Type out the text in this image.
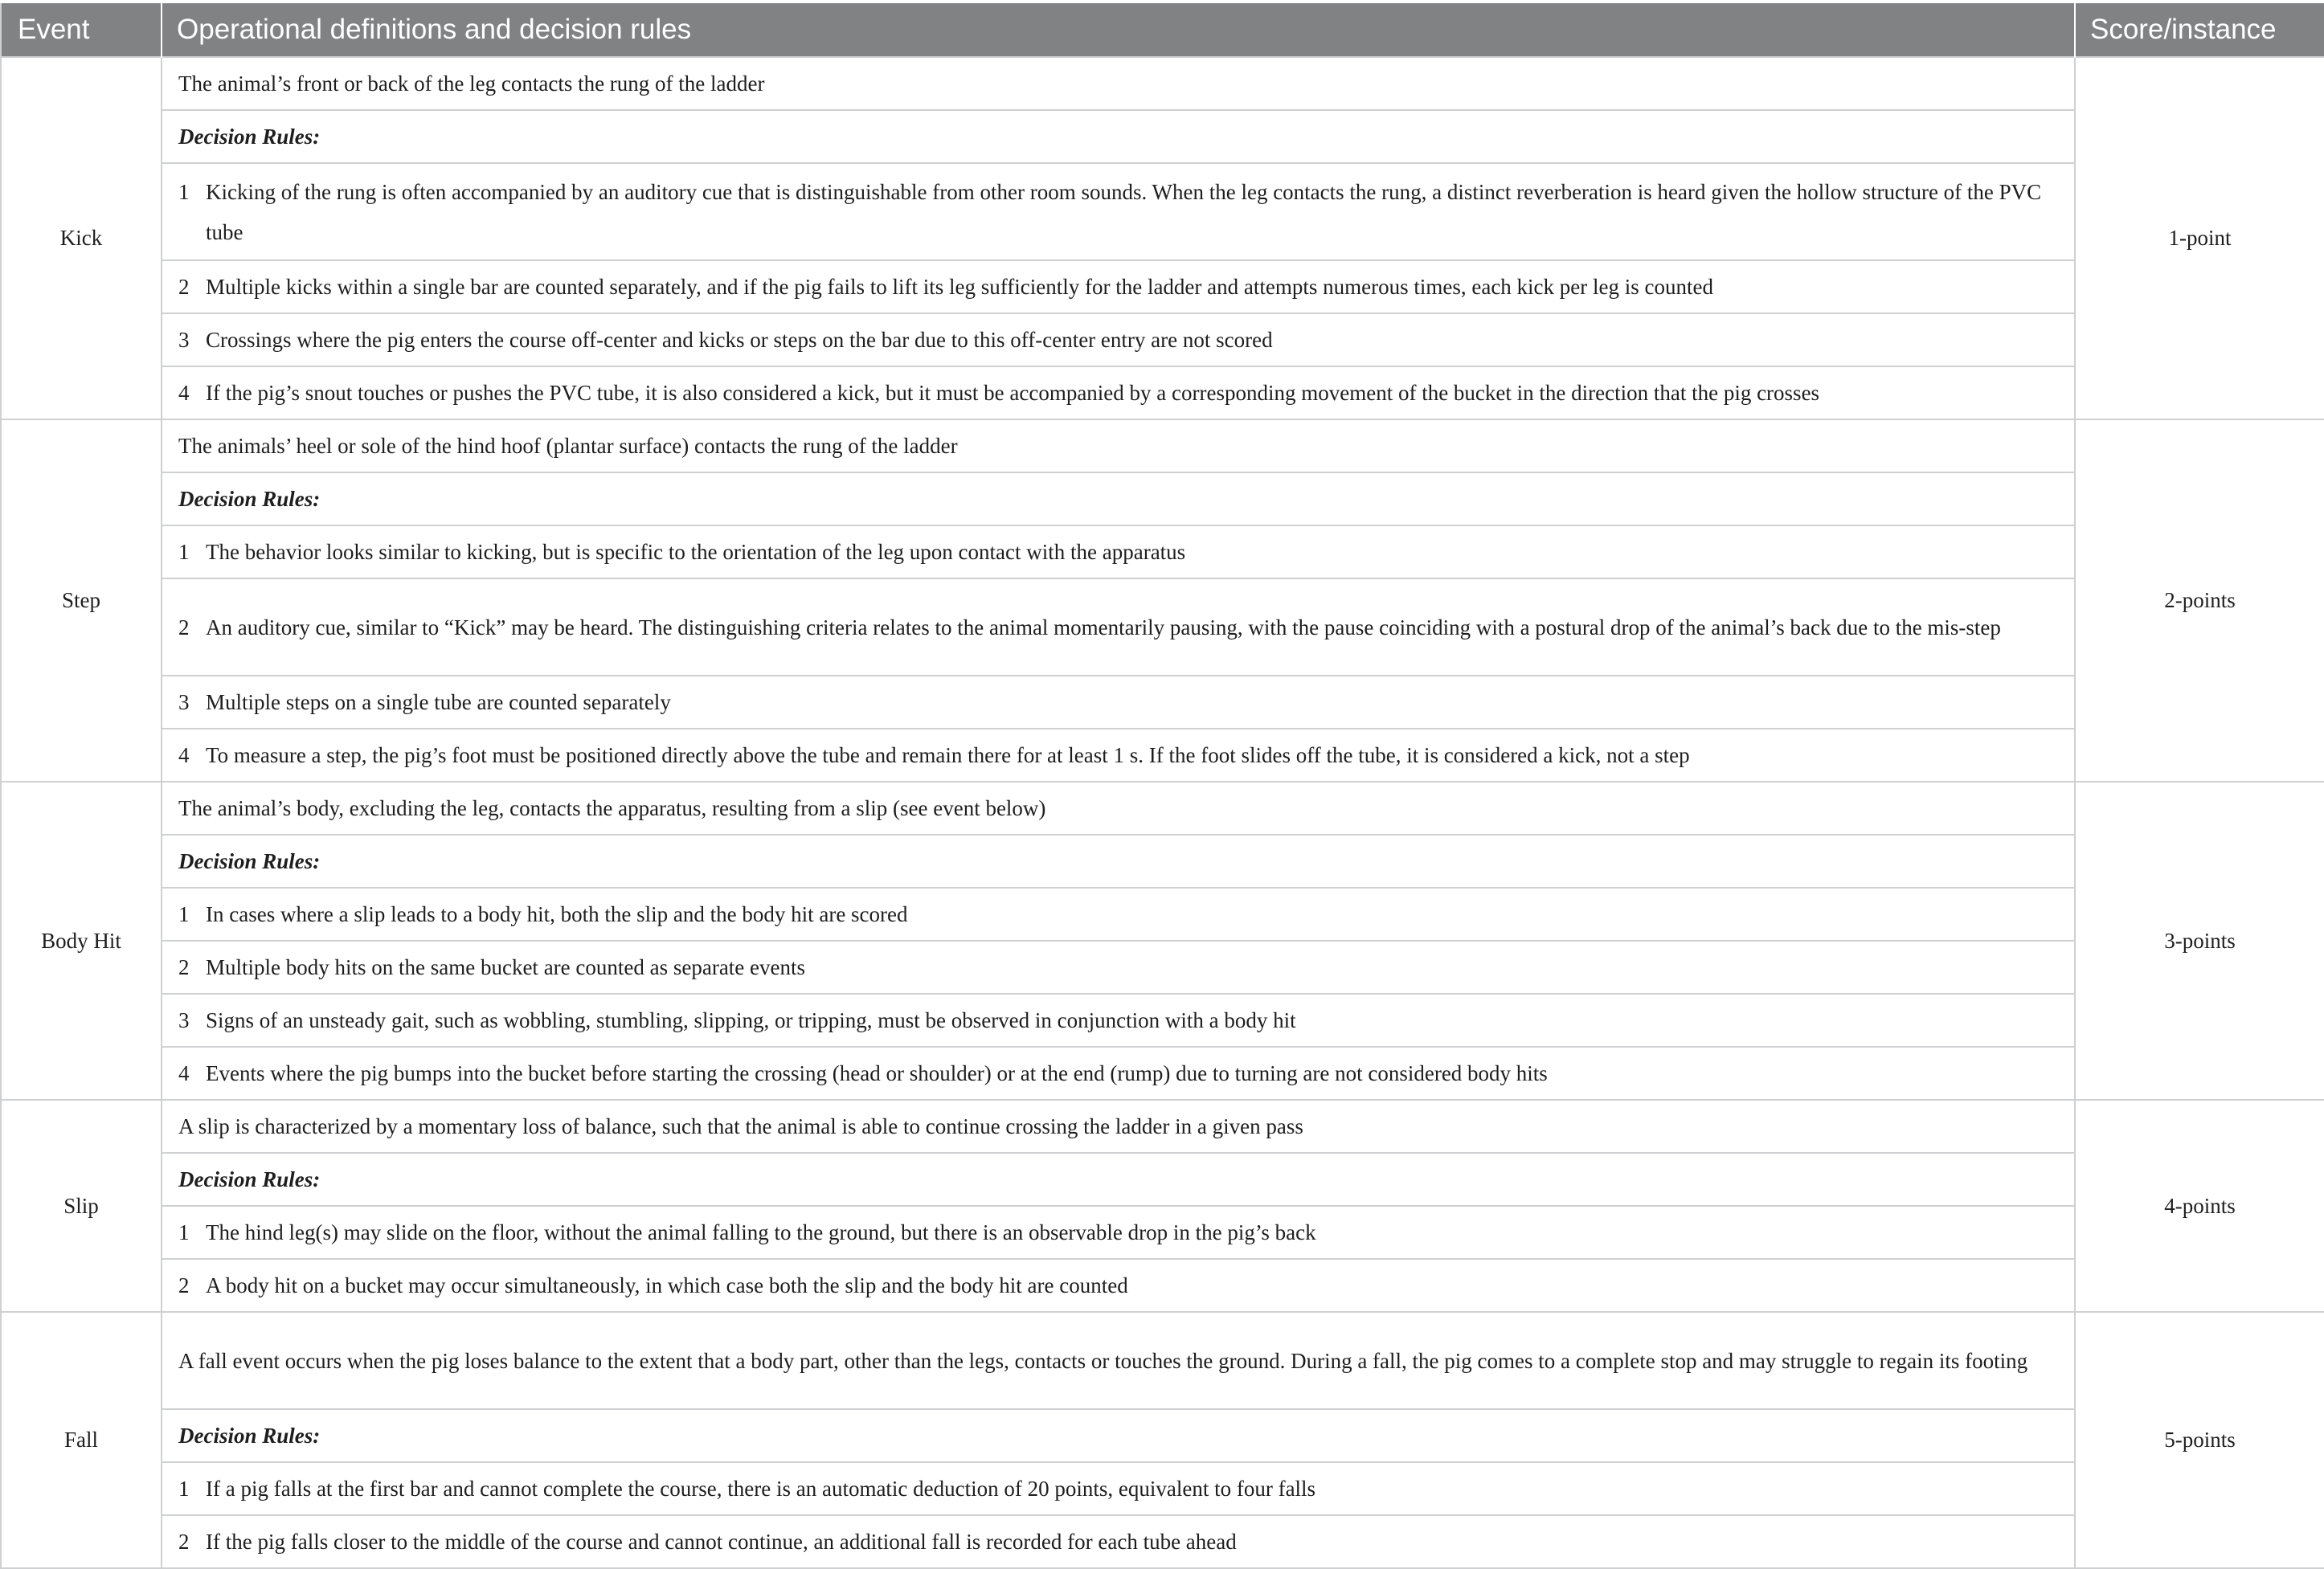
Event	Operational definitions and decision rules	Score/instance
Kick	The animal’s front or back of the leg contacts the rung of the ladder	1-point
	Decision Rules:	

	1 Kicking of the rung is often accompanied by an auditory cue that is distinguishable from other room sounds. When the leg contacts the rung, a distinct reverberation is heard given the hollow structure of the PVC tube	

	2 Multiple kicks within a single bar are counted separately, and if the pig fails to lift its leg sufficiently for the ladder and attempts numerous times, each kick per leg is counted	

	3 Crossings where the pig enters the course off-center and kicks or steps on the bar due to this off-center entry are not scored	

	4 If the pig’s snout touches or pushes the PVC tube, it is also considered a kick, but it must be accompanied by a corresponding movement of the bucket in the direction that the pig crosses	

Step	The animals’ heel or sole of the hind hoof (plantar surface) contacts the rung of the ladder	2-points
	Decision Rules:	

	1 The behavior looks similar to kicking, but is specific to the orientation of the leg upon contact with the apparatus	

	2 An auditory cue, similar to “Kick” may be heard. The distinguishing criteria relates to the animal momentarily pausing, with the pause coinciding with a postural drop of the animal’s back due to the mis-step	

	3 Multiple steps on a single tube are counted separately	

	4 To measure a step, the pig’s foot must be positioned directly above the tube and remain there for at least 1 s. If the foot slides off the tube, it is considered a kick, not a step	

Body Hit	The animal’s body, excluding the leg, contacts the apparatus, resulting from a slip (see event below)	3-points
	Decision Rules:	

	1 In cases where a slip leads to a body hit, both the slip and the body hit are scored	

	2 Multiple body hits on the same bucket are counted as separate events	

	3 Signs of an unsteady gait, such as wobbling, stumbling, slipping, or tripping, must be observed in conjunction with a body hit	

	4 Events where the pig bumps into the bucket before starting the crossing (head or shoulder) or at the end (rump) due to turning are not considered body hits	

Slip	A slip is characterized by a momentary loss of balance, such that the animal is able to continue crossing the ladder in a given pass	4-points
	Decision Rules:	

	1 The hind leg(s) may slide on the floor, without the animal falling to the ground, but there is an observable drop in the pig’s back	

	2 A body hit on a bucket may occur simultaneously, in which case both the slip and the body hit are counted	

Fall	A fall event occurs when the pig loses balance to the extent that a body part, other than the legs, contacts or touches the ground. During a fall, the pig comes to a complete stop and may struggle to regain its footing	5-points
	Decision Rules:	

	1 If a pig falls at the first bar and cannot complete the course, there is an automatic deduction of 20 points, equivalent to four falls	

	2 If the pig falls closer to the middle of the course and cannot continue, an additional fall is recorded for each tube ahead	
